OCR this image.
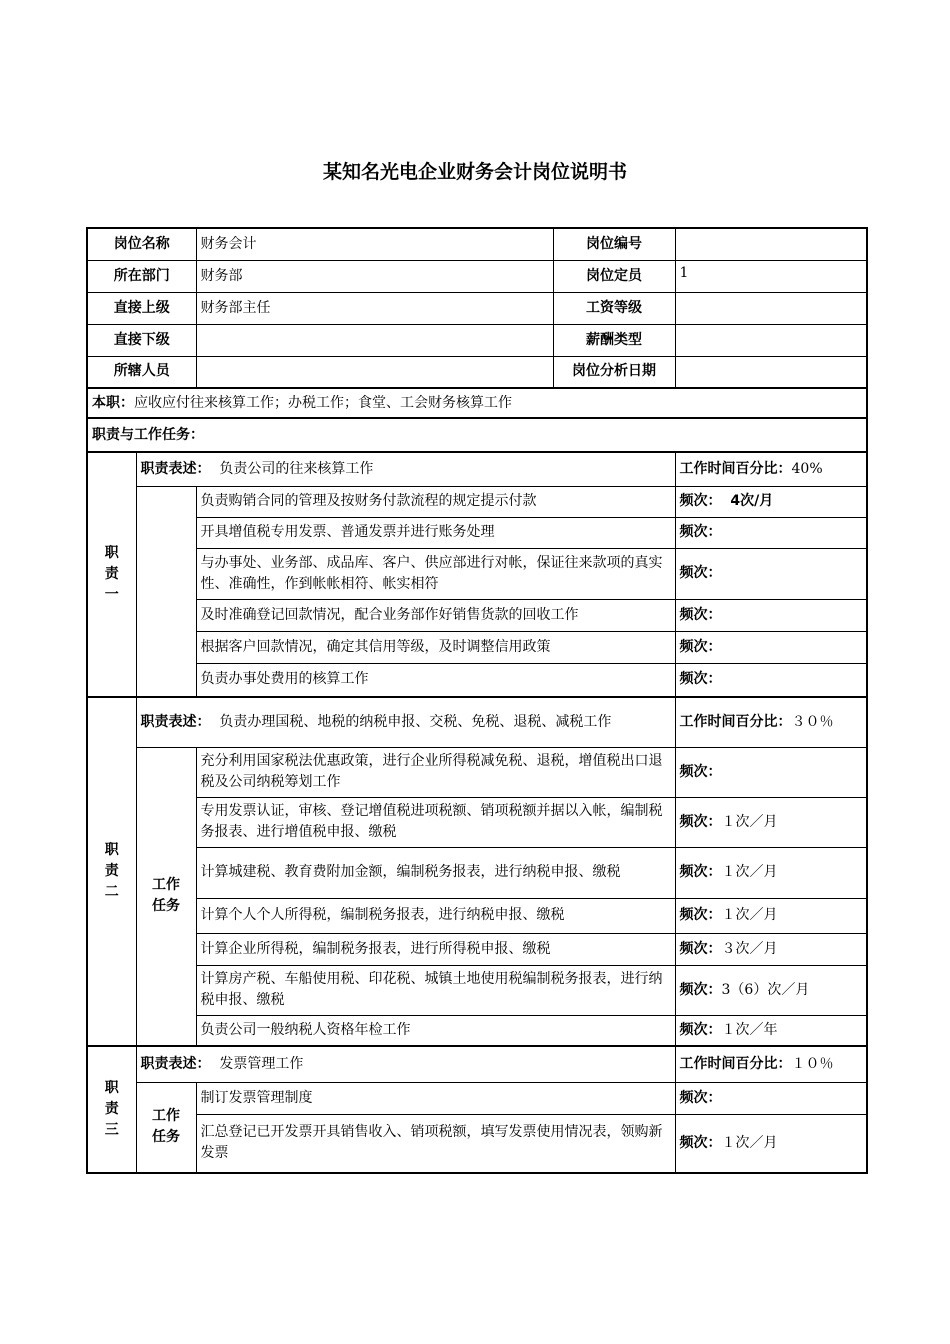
某知名光电企业财务会计岗位说明书
岗位名称		财务会计	岗位编号	
所在部门		财务部	岗位定员	1
直接上级		财务部主任	工资等级	
直接下级			薪酬类型	
所辖人员			岗位分析日期	
本职：应收应付往来核算工作；办税工作；食堂、工会财务核算工作				
职责与工作任务：				

职
责
一	职责表述： 负责公司的往来核算工作			工作时间百分比：40%
		负责购销合同的管理及按财务付款流程的规定提示付款		频次： 4次/月
		开具增值税专用发票、普通发票并进行账务处理		频次：
		与办事处、业务部、成品库、客户、供应部进行对帐，保证往来款项的真实性、准确性，作到帐帐相符、帐实相符		频次：
		及时准确登记回款情况，配合业务部作好销售货款的回收工作		频次：
		根据客户回款情况，确定其信用等级，及时调整信用政策		频次：
		负责办事处费用的核算工作		频次：

职
责
二	职责表述： 负责办理国税、地税的纳税申报、交税、免税、退税、减税工作			工作时间百分比：３０％

	工作
任务	充分利用国家税法优惠政策，进行企业所得税减免税、退税，增值税出口退税及公司纳税筹划工作		频次：
		专用发票认证，审核、登记增值税进项税额、销项税额并据以入帐，编制税务报表、进行增值税申报、缴税		频次：１次／月
		计算城建税、教育费附加金额，编制税务报表，进行纳税申报、缴税		频次：１次／月
		计算个人个人所得税，编制税务报表，进行纳税申报、缴税		频次：１次／月
		计算企业所得税，编制税务报表，进行所得税申报、缴税		频次：３次／月
		计算房产税、车船使用税、印花税、城镇土地使用税编制税务报表，进行纳税申报、缴税		频次：3（6）次／月
		负责公司一般纳税人资格年检工作		频次：１次／年

职
责
三	职责表述： 发票管理工作			工作时间百分比：１０％

	工作
任务	制订发票管理制度		频次：
		汇总登记已开发票开具销售收入、销项税额，填写发票使用情况表，领购新发票		频次：１次／月
